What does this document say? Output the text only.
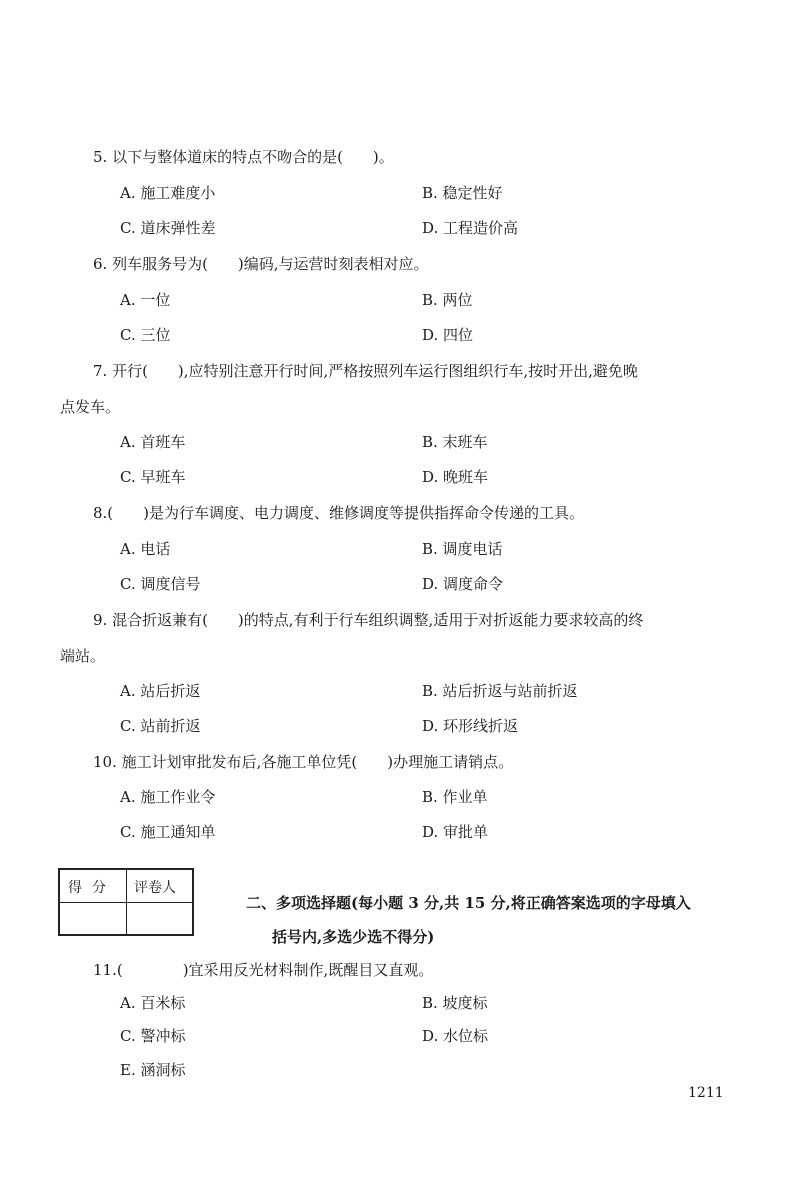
5. 以下与整体道床的特点不吻合的是(　　)。
A. 施工难度小	B. 稳定性好
C. 道床弹性差	D. 工程造价高
6. 列车服务号为(　　)编码,与运营时刻表相对应。
A. 一位	B. 两位
C. 三位	D. 四位
7. 开行(　　),应特别注意开行时间,严格按照列车运行图组织行车,按时开出,避免晚
点发车。
A. 首班车	B. 末班车
C. 早班车	D. 晚班车
8.(　　)是为行车调度、电力调度、维修调度等提供指挥命令传递的工具。
A. 电话	B. 调度电话
C. 调度信号	D. 调度命令
9. 混合折返兼有(　　)的特点,有利于行车组织调整,适用于对折返能力要求较高的终
端站。
A. 站后折返	B. 站后折返与站前折返
C. 站前折返	D. 环形线折返
10. 施工计划审批发布后,各施工单位凭(　　)办理施工请销点。
A. 施工作业令	B. 作业单
C. 施工通知单	D. 审批单
得分 评卷人
二、多项选择题(每小题 3 分,共 15 分,将正确答案选项的字母填入
括号内,多选少选不得分)
11.(　　　　)宜采用反光材料制作,既醒目又直观。
A. 百米标	B. 坡度标
C. 警冲标	D. 水位标
E. 涵洞标
1211
